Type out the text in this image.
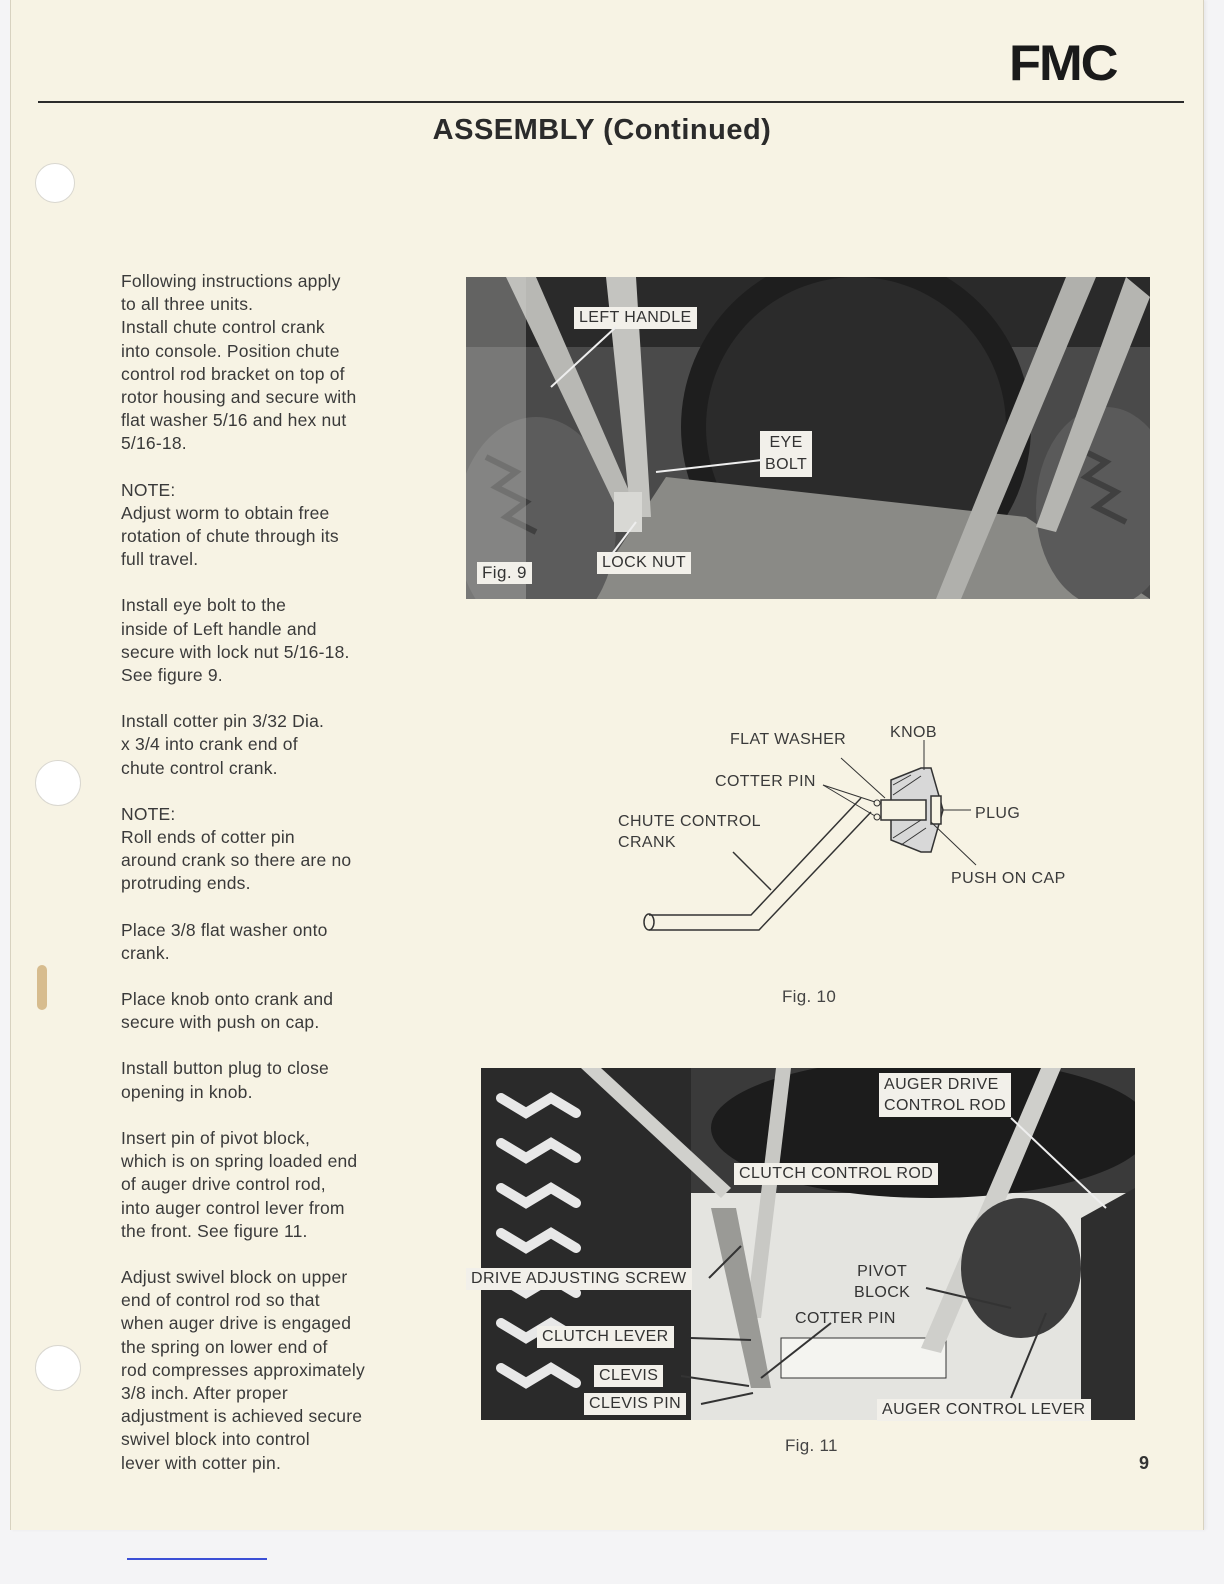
FMC
ASSEMBLY (Continued)

Following instructions apply
to all three units.
Install chute control crank
into console. Position chute
control rod bracket on top of
rotor housing and secure with
flat washer 5/16 and hex nut
5/16-18.

NOTE:
Adjust worm to obtain free
rotation of chute through its
full travel.

Install eye bolt to the
inside of Left handle and
secure with lock nut 5/16-18.
See figure 9.

Install cotter pin 3/32 Dia.
x 3/4 into crank end of
chute control crank.

NOTE:
Roll ends of cotter pin
around crank so there are no
protruding ends.

Place 3/8 flat washer onto
crank.

Place knob onto crank and
secure with push on cap.

Install button plug to close
opening in knob.

Insert pin of pivot block,
which is on spring loaded end
of auger drive control rod,
into auger control lever from
the front. See figure 11.

Adjust swivel block on upper
end of control rod so that
when auger drive is engaged
the spring on lower end of
rod compresses approximately
3/8 inch. After proper
adjustment is achieved secure
swivel block into control
lever with cotter pin.

LEFT HANDLE
EYE
BOLT
LOCK NUT
Fig. 9
FLAT WASHER	KNOB
COTTER PIN
PLUG
CHUTE CONTROL
CRANK
PUSH ON CAP
Fig. 10
AUGER DRIVE
CONTROL ROD
CLUTCH CONTROL ROD
DRIVE ADJUSTING SCREW	PIVOT
BLOCK
COTTER PIN
CLUTCH LEVER
CLEVIS
CLEVIS PIN	AUGER CONTROL LEVER
Fig. 11
9
